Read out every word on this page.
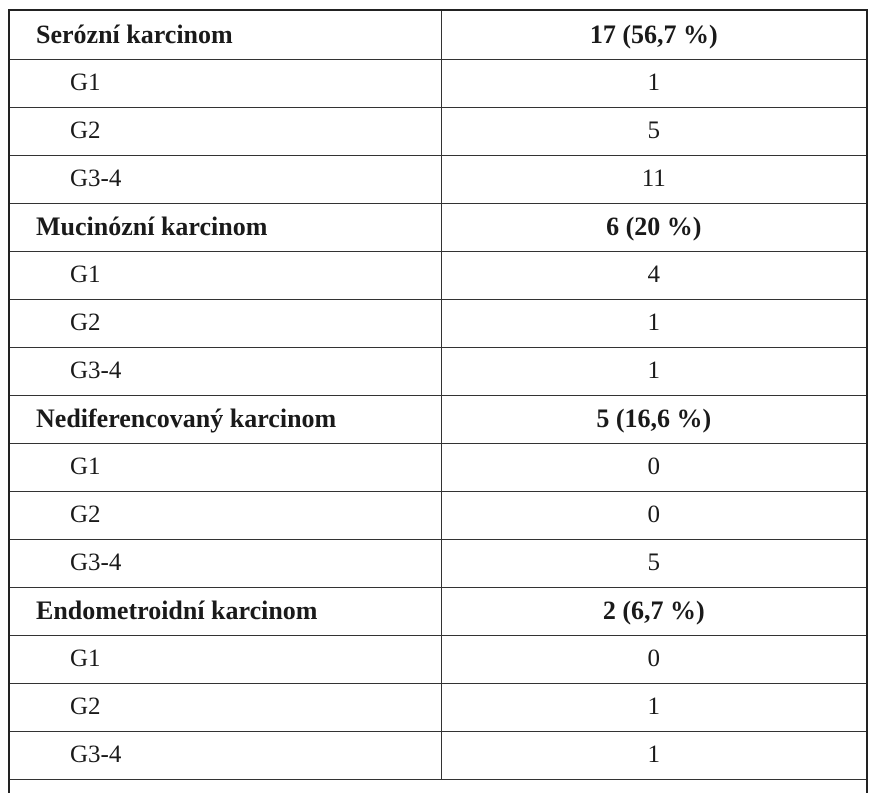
Serózní karcinom	17 (56,7 %)
G1	1
G2	5
G3-4	11
Mucinózní karcinom	6 (20 %)
G1	4
G2	1
G3-4	1
Nediferencovaný karcinom	5 (16,6 %)
G1	0
G2	0
G3-4	5
Endometroidní karcinom	2 (6,7 %)
G1	0
G2	1
G3-4	1
